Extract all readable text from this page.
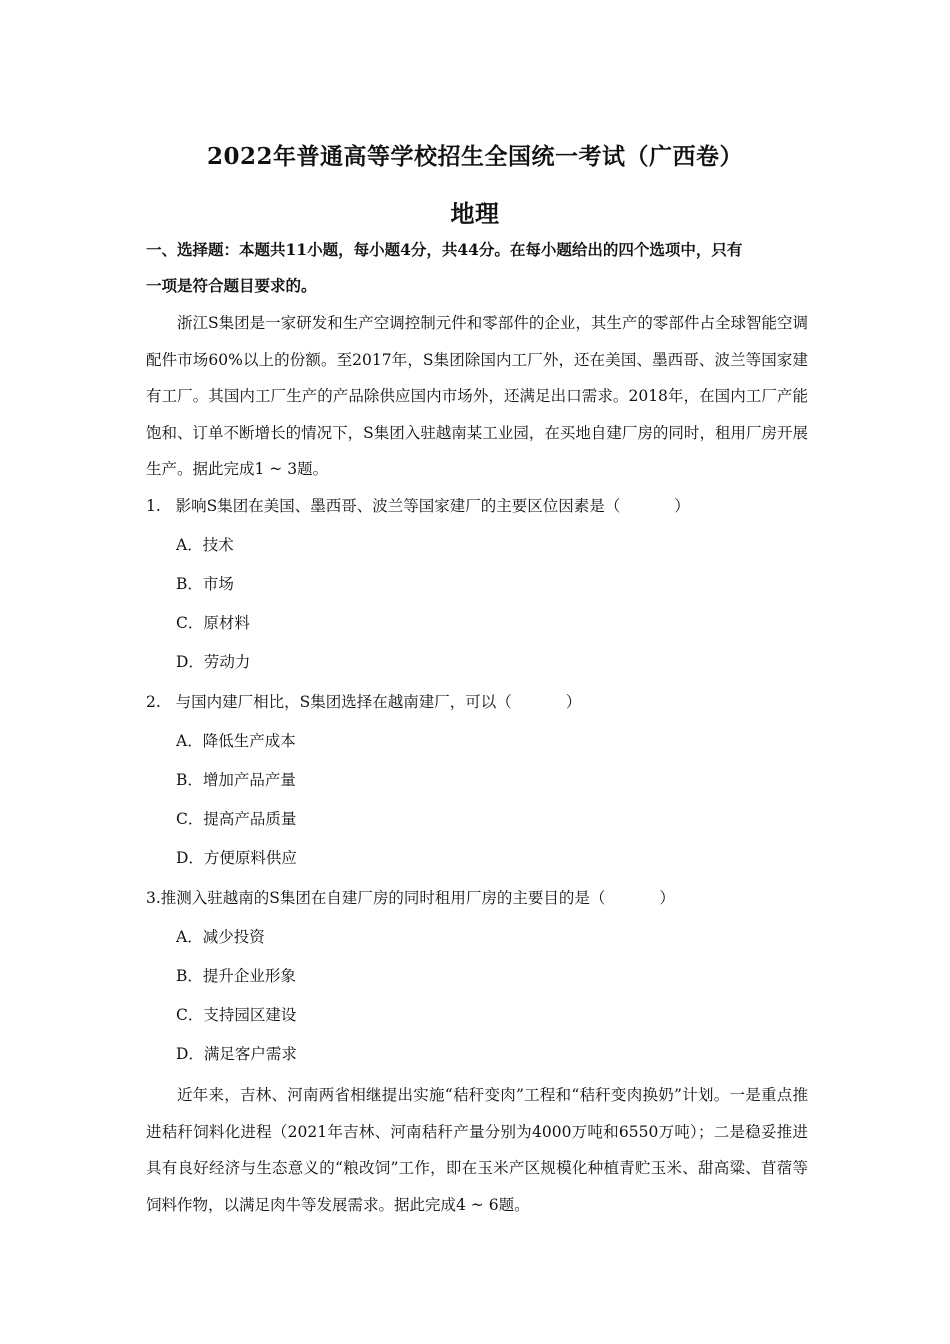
2022年普通高等学校招生全国统一考试（广西卷）
地理
一、选择题：本题共11小题，每小题4分，共44分。在每小题给出的四个选项中，只有
一项是符合题目要求的。
浙江S集团是一家研发和生产空调控制元件和零部件的企业，其生产的零部件占全球智能空调配件市场60%以上的份额。至2017年，S集团除国内工厂外，还在美国、墨西哥、波兰等国家建有工厂。其国内工厂生产的产品除供应国内市场外，还满足出口需求。2018年，在国内工厂产能饱和、订单不断增长的情况下，S集团入驻越南某工业园，在买地自建厂房的同时，租用厂房开展生产。据此完成1 ~ 3题。
1. 影响S集团在美国、墨西哥、波兰等国家建厂的主要区位因素是（	）
A．技术
B．市场
C．原材料
D．劳动力
2. 与国内建厂相比，S集团选择在越南建厂，可以（	）
A．降低生产成本
B．增加产品产量
C．提高产品质量
D．方便原料供应
3.推测入驻越南的S集团在自建厂房的同时租用厂房的主要目的是（	）
A．减少投资
B．提升企业形象
C．支持园区建设
D．满足客户需求
近年来，吉林、河南两省相继提出实施“秸秆变肉”工程和“秸秆变肉换奶”计划。一是重点推进秸秆饲料化进程（2021年吉林、河南秸秆产量分别为4000万吨和6550万吨）；二是稳妥推进具有良好经济与生态意义的“粮改饲”工作，即在玉米产区规模化种植青贮玉米、甜高粱、苜蓿等饲料作物，以满足肉牛等发展需求。据此完成4 ~ 6题。
